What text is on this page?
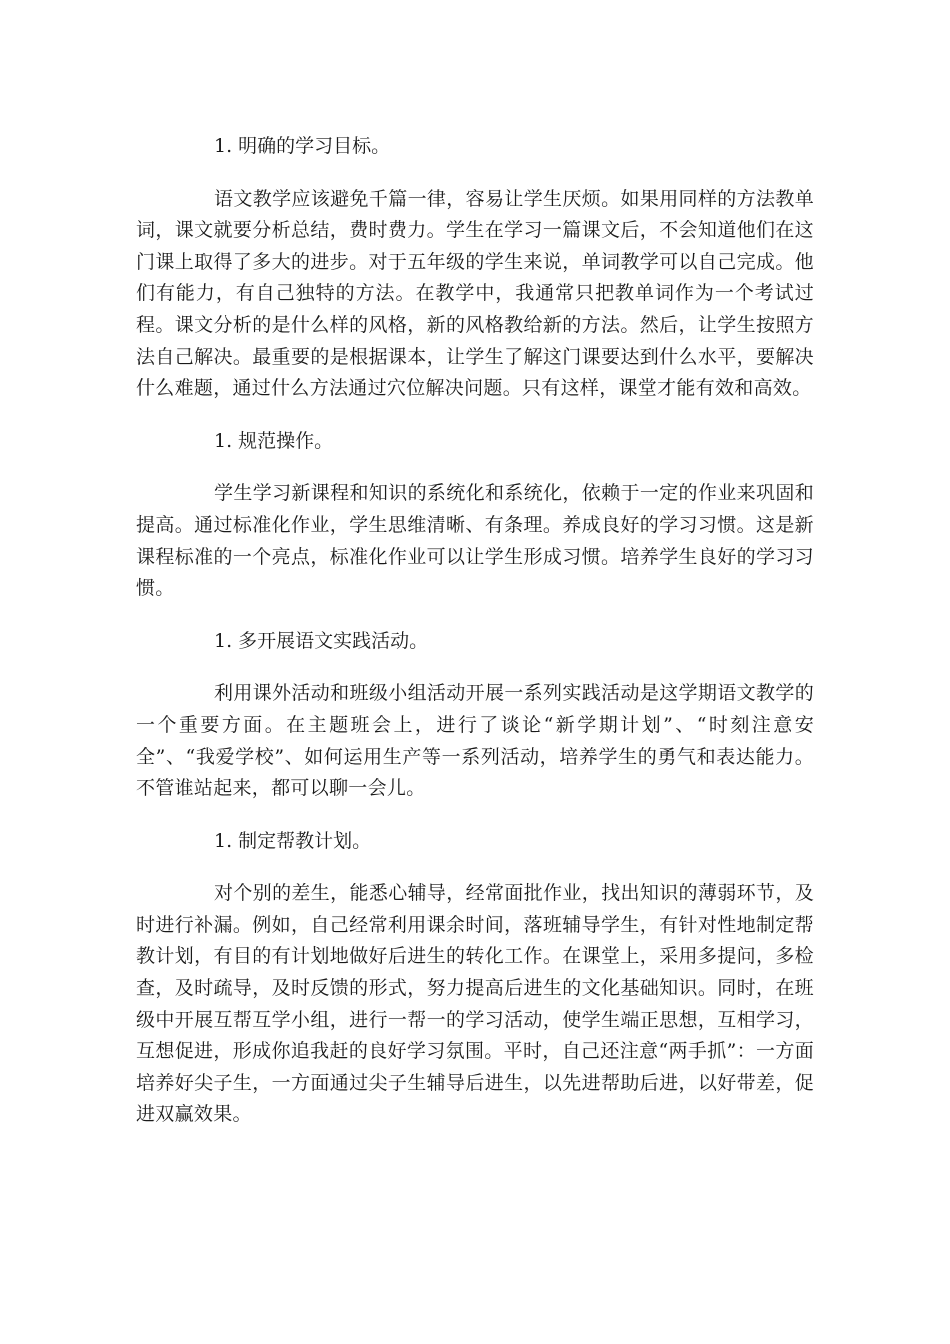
1. 明确的学习目标。

语文教学应该避免千篇一律，容易让学生厌烦。如果用同样的方法教单词，课文就要分析总结，费时费力。学生在学习一篇课文后，不会知道他们在这门课上取得了多大的进步。对于五年级的学生来说，单词教学可以自己完成。他们有能力，有自己独特的方法。在教学中，我通常只把教单词作为一个考试过程。课文分析的是什么样的风格，新的风格教给新的方法。然后，让学生按照方法自己解决。最重要的是根据课本，让学生了解这门课要达到什么水平，要解决什么难题，通过什么方法通过穴位解决问题。只有这样，课堂才能有效和高效。

1. 规范操作。

学生学习新课程和知识的系统化和系统化，依赖于一定的作业来巩固和提高。通过标准化作业，学生思维清晰、有条理。养成良好的学习习惯。这是新课程标准的一个亮点，标准化作业可以让学生形成习惯。培养学生良好的学习习惯。

1. 多开展语文实践活动。

利用课外活动和班级小组活动开展一系列实践活动是这学期语文教学的一个重要方面。在主题班会上，进行了谈论“新学期计划”、“时刻注意安全”、“我爱学校”、如何运用生产等一系列活动，培养学生的勇气和表达能力。不管谁站起来，都可以聊一会儿。

1. 制定帮教计划。

对个别的差生，能悉心辅导，经常面批作业，找出知识的薄弱环节，及时进行补漏。例如，自己经常利用课余时间，落班辅导学生，有针对性地制定帮教计划，有目的有计划地做好后进生的转化工作。在课堂上，采用多提问，多检查，及时疏导，及时反馈的形式，努力提高后进生的文化基础知识。同时，在班级中开展互帮互学小组，进行一帮一的学习活动，使学生端正思想，互相学习，互想促进，形成你追我赶的良好学习氛围。平时，自己还注意“两手抓”：一方面培养好尖子生，一方面通过尖子生辅导后进生，以先进帮助后进，以好带差，促进双赢效果。
